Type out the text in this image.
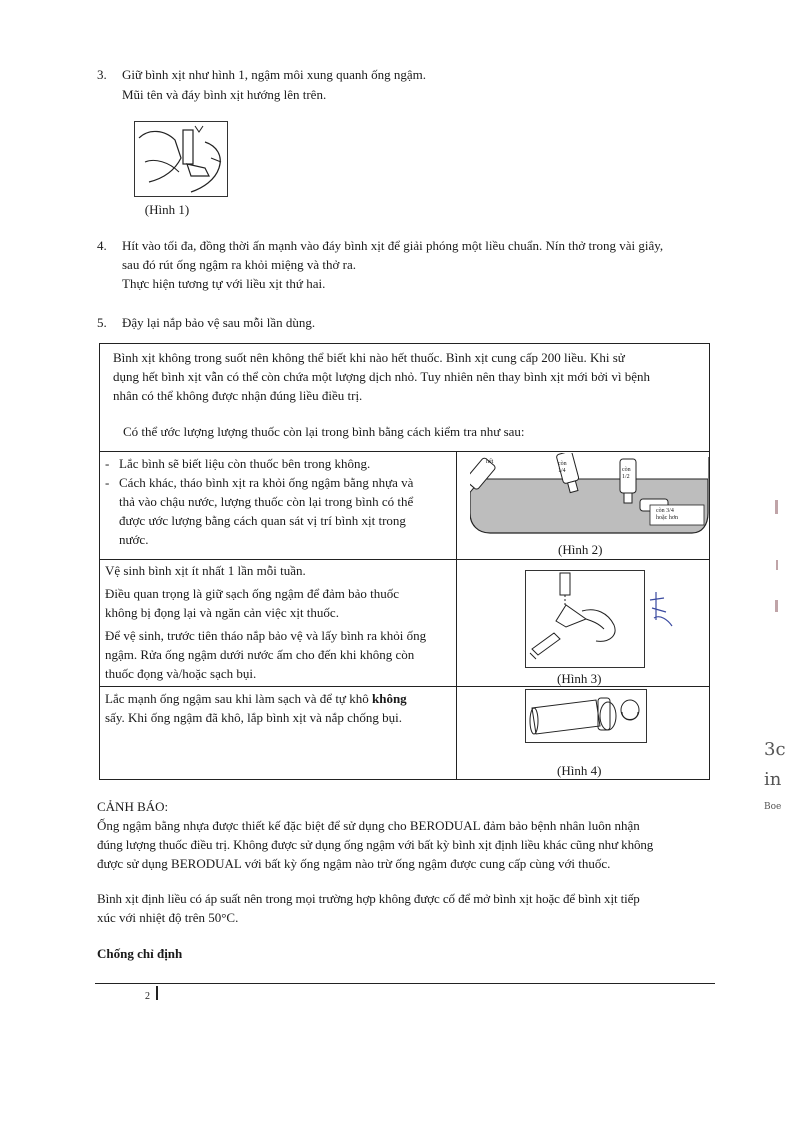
3. Giữ bình xịt như hình 1, ngậm môi xung quanh ống ngậm.
Mũi tên và đáy bình xịt hướng lên trên.
(Hình 1)
4. Hít vào tối đa, đồng thời ấn mạnh vào đáy bình xịt để giải phóng một liều chuẩn. Nín thở trong vài giây,
sau đó rút ống ngậm ra khỏi miệng và thở ra.
Thực hiện tương tự với liều xịt thứ hai.
5. Đậy lại nắp bảo vệ sau mỗi lần dùng.
Bình xịt không trong suốt nên không thể biết khi nào hết thuốc. Bình xịt cung cấp 200 liều. Khi sử
dụng hết bình xịt vẫn có thể còn chứa một lượng dịch nhỏ. Tuy nhiên nên thay bình xịt mới bởi vì bệnh
nhân có thể không được nhận đúng liều điều trị.
Có thể ước lượng lượng thuốc còn lại trong bình bằng cách kiểm tra như sau:
- Lắc bình sẽ biết liệu còn thuốc bên trong không.
- Cách khác, tháo bình xịt ra khỏi ống ngậm bằng nhựa và
thả vào chậu nước, lượng thuốc còn lại trong bình có thể
được ước lượng bằng cách quan sát vị trí bình xịt trong
nước.
hết	còn
1/4	còn
1/2
còn 3/4
hoặc hơn
(Hình 2)
Vệ sinh bình xịt ít nhất 1 lần mỗi tuần.
Điều quan trọng là giữ sạch ống ngậm để đảm bảo thuốc
không bị đọng lại và ngăn cản việc xịt thuốc.
Để vệ sinh, trước tiên tháo nắp bảo vệ và lấy bình ra khỏi ống
ngậm. Rửa ống ngậm dưới nước ấm cho đến khi không còn
thuốc đọng và/hoặc sạch bụi.	(Hình 3)
Lắc mạnh ống ngậm sau khi làm sạch và để tự khô không
sấy. Khi ống ngậm đã khô, lắp bình xịt và nắp chống bụi.
(Hình 4)
CẢNH BÁO:
Ống ngậm bằng nhựa được thiết kế đặc biệt để sử dụng cho BERODUAL đảm bảo bệnh nhân luôn nhận
đúng lượng thuốc điều trị. Không được sử dụng ống ngậm với bất kỳ bình xịt định liều khác cũng như không
được sử dụng BERODUAL với bất kỳ ống ngậm nào trừ ống ngậm được cung cấp cùng với thuốc.
Bình xịt định liều có áp suất nên trong mọi trường hợp không được cố để mở bình xịt hoặc để bình xịt tiếp
xúc với nhiệt độ trên 50°C.
Chống chỉ định
2
3c
in
Boe
